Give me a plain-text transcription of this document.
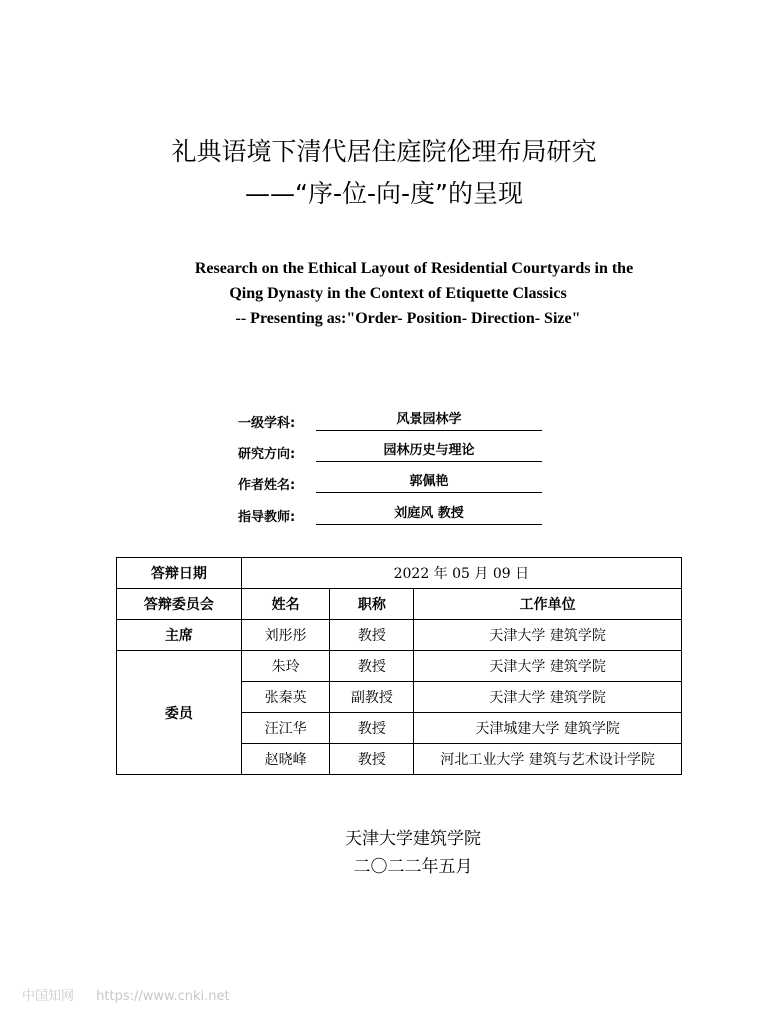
礼典语境下清代居住庭院伦理布局研究
——“序-位-向-度”的呈现
Research on the Ethical Layout of Residential Courtyards in the
Qing Dynasty in the Context of Etiquette Classics
-- Presenting as:"Order- Position- Direction- Size"
一级学科:	风景园林学
研究方向:	园林历史与理论
作者姓名:	郭佩艳
指导教师:	刘庭风 教授
答辩日期	2022 年 05 月 09 日		
答辩委员会	姓名	职称	工作单位
主席	刘彤彤	教授	天津大学 建筑学院
委员	朱玲	教授	天津大学 建筑学院
	张秦英	副教授	天津大学 建筑学院
	汪江华	教授	天津城建大学 建筑学院
	赵晓峰	教授	河北工业大学 建筑与艺术设计学院
天津大学建筑学院
二〇二二年五月
中国知网 https://www.cnki.net
